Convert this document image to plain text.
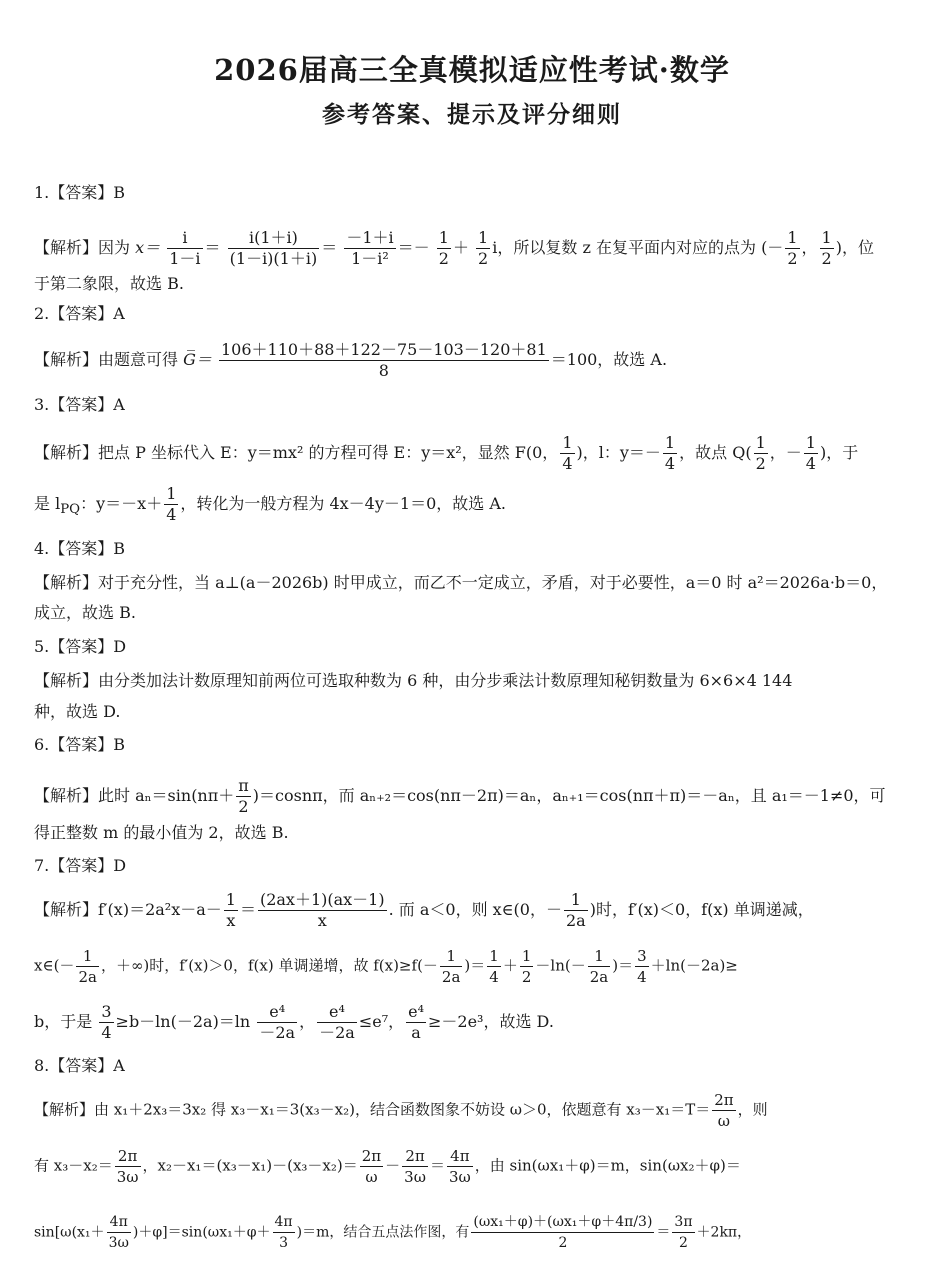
2026届高三全真模拟适应性考试·数学
参考答案、提示及评分细则
1.【答案】B
【解析】因为 $x= \frac{i}{1-i} = \frac{i(1+i)}{(1-i)(1+i)} = \frac{-1+i}{\text{1－i²}} =- \frac{1}{2} + \frac{1}{2}$ i，所以复数 z 在复平面内对应的点为 (－ $\frac{1}{2}$ ， $\frac{1}{2}$ )，位
于第二象限，故选 B.
2.【答案】A
【解析】由题意可得 G̅＝ $\frac{106+110+88+122-75-103-120+81}{8} =100$，故选 A.
3.【答案】A
【解析】把点 P 坐标代入 E：y＝mx² 的方程可得 E：y＝x²，显然 F(0， $\frac{1}{4}$ )，l：$y=- \frac{1}{4}$ ，故点 $Q( \frac{1}{2}$ ，－ $\frac{1}{4}$ )，于
是 $l_{PQ}$：$y=-x+ \frac{1}{4}$ ，转化为一般方程为 4x－4y－1＝0，故选 A.
4.【答案】B
【解析】对于充分性，当 a⊥(a－2026b) 时甲成立，而乙不一定成立，矛盾，对于必要性，a＝0 时 a²＝2026a·b＝0，
成立，故选 B.
5.【答案】D
【解析】由分类加法计数原理知前两位可选取种数为 6 种，由分步乘法计数原理知秘钥数量为 6×6×4 144
种，故选 D.
6.【答案】B
【解析】此时 $a_n=\sin(n\pi+ \frac{\pi}{2} )=\cos n\pi$，而 aₙ₊₂＝cos(nπ－2π)＝aₙ，aₙ₊₁＝cos(nπ＋π)＝－aₙ，且 a₁＝－1≠0，可
得正整数 m 的最小值为 2，故选 B.
7.【答案】D
【解析】$f'(x)=2a^2x-a- \frac{1}{x} = \frac{(2ax+1)(ax-1)}{x}$ . 而 a＜0，则 x∈(0，－ $\frac{1}{2a}$ )时，f′(x)＜0，f(x) 单调递减，
x∈(－ $\frac{1}{2a}$ ，＋∞)时，f′(x)＞0，f(x) 单调递增，故 $f(x)\ge f(- \frac{1}{2a}$ )＝ $\frac{1}{4} + \frac{1}{2} -\ln(- \frac{1}{2a}$ )＝ $\frac{3}{4} +\ln(-2a)\ge$
b，于是 $\frac{3}{4} \ge b-\ln(-2a)=\ln \frac{\text{e⁴}}{-2a}$ ， $\frac{\text{e⁴}}{-2a} \le e^7$， $\frac{\text{e⁴}}{a} \ge-2e^3$，故选 D.
8.【答案】A
【解析】由 x₁＋2x₃＝3x₂ 得 x₃－x₁＝3(x₃－x₂)，结合函数图象不妨设 ω＞0，依题意有 $x_3-x_1=T= \frac{2\pi}{\omega}$ ，则
有 $x_3-x_2= \frac{2\pi}{3\omega}$ ，$x_2-x_1=(x_3-x_1)-(x_3-x_2)= \frac{2\pi}{\omega} - \frac{2\pi}{3\omega} = \frac{4\pi}{3\omega}$ ，由 sin(ωx₁＋φ)＝m，sin(ωx₂＋φ)＝
$\sin[\omega(x_1+ \frac{4\pi}{3\omega} )+\varphi]=\sin(\omega x_1+\varphi+ \frac{4\pi}{3} )=m$，结合五点法作图，有 $\frac{\text{(ωx₁＋φ)＋(ωx₁＋φ＋4π/3)}}{2} = \frac{3\pi}{2} +2k\pi$，
